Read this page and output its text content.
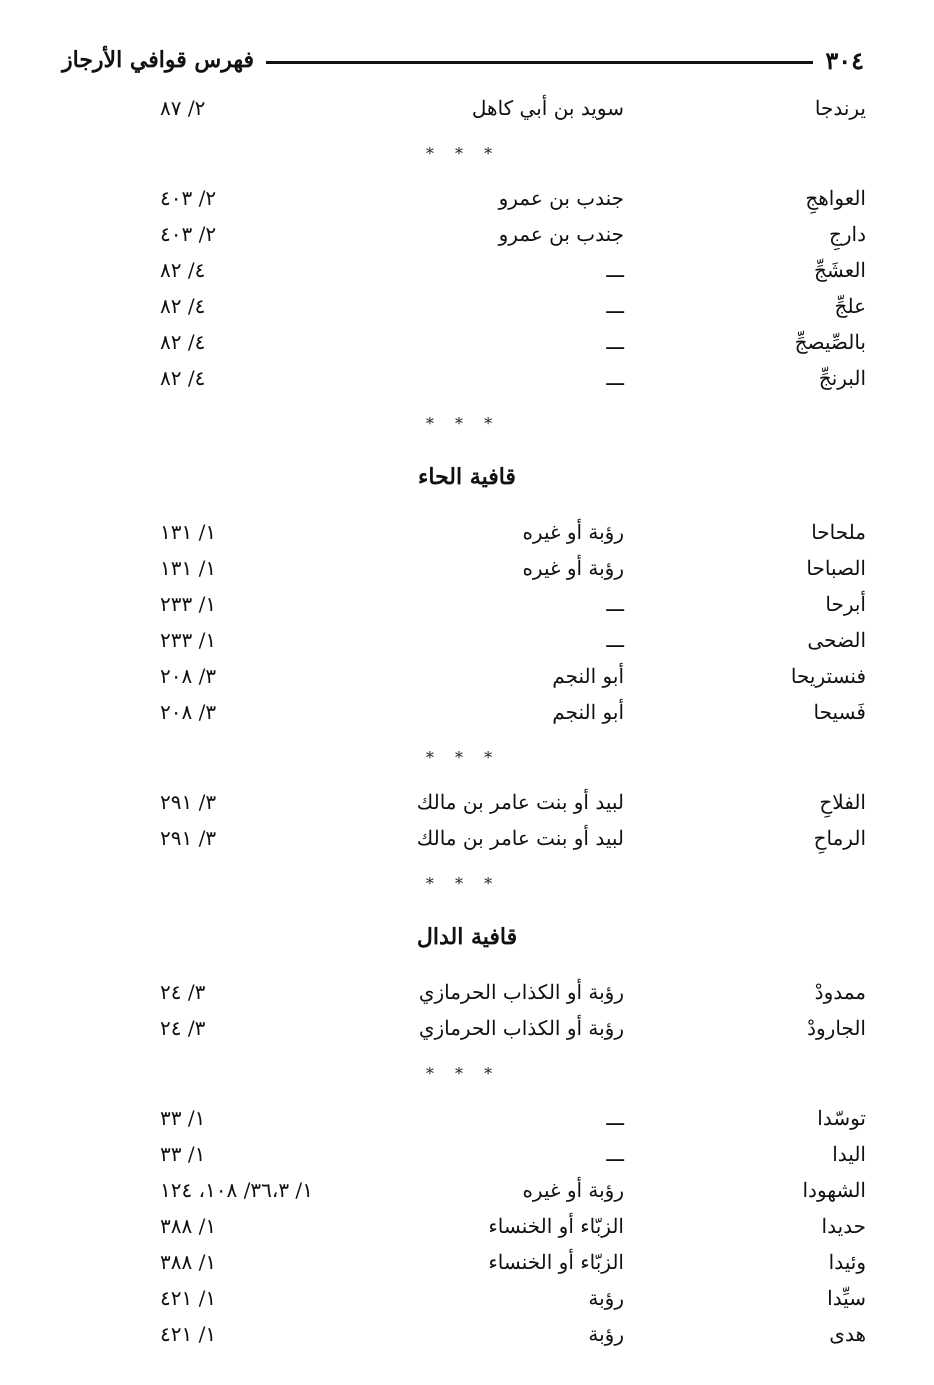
٣٠٤
فهرس قوافي الأرجاز
يرندجا
سويد بن أبي كاهل
٢/ ٨٧
* * *
العواهجِ
جندب بن عمرو
٢/ ٤٠٣
دارجِ
جندب بن عمرو
٢/ ٤٠٣
العشَجِّ
ـــ
٤/ ٨٢
علجِّ
ـــ
٤/ ٨٢
بالصِّيصجِّ
ـــ
٤/ ٨٢
البرنجِّ
ـــ
٤/ ٨٢
* * *
قافية الحاء
ملحاحا
رؤبة أو غيره
١/ ١٣١
الصباحا
رؤبة أو غيره
١/ ١٣١
أبرحا
ـــ
١/ ٢٣٣
الضحى
ـــ
١/ ٢٣٣
فنستريحا
أبو النجم
٣/ ٢٠٨
فَسيحا
أبو النجم
٣/ ٢٠٨
* * *
الفلاحِ
لبيد أو بنت عامر بن مالك
٣/ ٢٩١
الرماحِ
لبيد أو بنت عامر بن مالك
٣/ ٢٩١
* * *
قافية الدال
ممدودْ
رؤبة أو الكذاب الحرمازي
٣/ ٢٤
الجارودْ
رؤبة أو الكذاب الحرمازي
٣/ ٢٤
* * *
توسّدا
ـــ
١/ ٣٣
اليدا
ـــ
١/ ٣٣
الشهودا
رؤبة أو غيره
١/ ٣٦،٣/ ١٠٨، ١٢٤
حديدا
الزبّاء أو الخنساء
١/ ٣٨٨
وئيدا
الزبّاء أو الخنساء
١/ ٣٨٨
سيِّدا
رؤبة
١/ ٤٢١
هدى
رؤبة
١/ ٤٢١
